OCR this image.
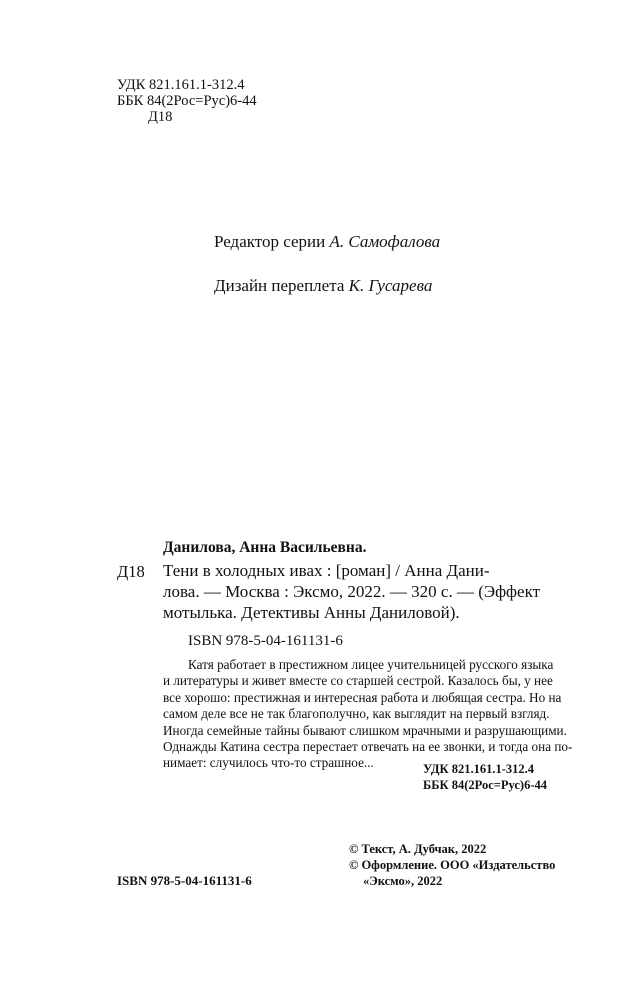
УДК 821.161.1-312.4
ББК 84(2Рос=Рус)6-44
Д18

Редактор серии А. Самофалова

Дизайн переплета К. Гусарева

Данилова, Анна Васильевна.
Д18 Тени в холодных ивах : [роман] / Анна Дани-
лова. — Москва : Эксмо, 2022. — 320 с. — (Эффект
мотылька. Детективы Анны Даниловой).
ISBN 978-5-04-161131-6
Катя работает в престижном лицее учительницей русского языка
и литературы и живет вместе со старшей сестрой. Казалось бы, у нее
все хорошо: престижная и интересная работа и любящая сестра. Но на
самом деле все не так благополучно, как выглядит на первый взгляд.
Иногда семейные тайны бывают слишком мрачными и разрушающими.
Однажды Катина сестра перестает отвечать на ее звонки, и тогда она по-
нимает: случилось что-то страшное...	УДК 821.161.1-312.4
ББК 84(2Рос=Рус)6-44
© Текст, А. Дубчак, 2022
© Оформление. ООО «Издательство
«Эксмо», 2022
ISBN 978-5-04-161131-6
